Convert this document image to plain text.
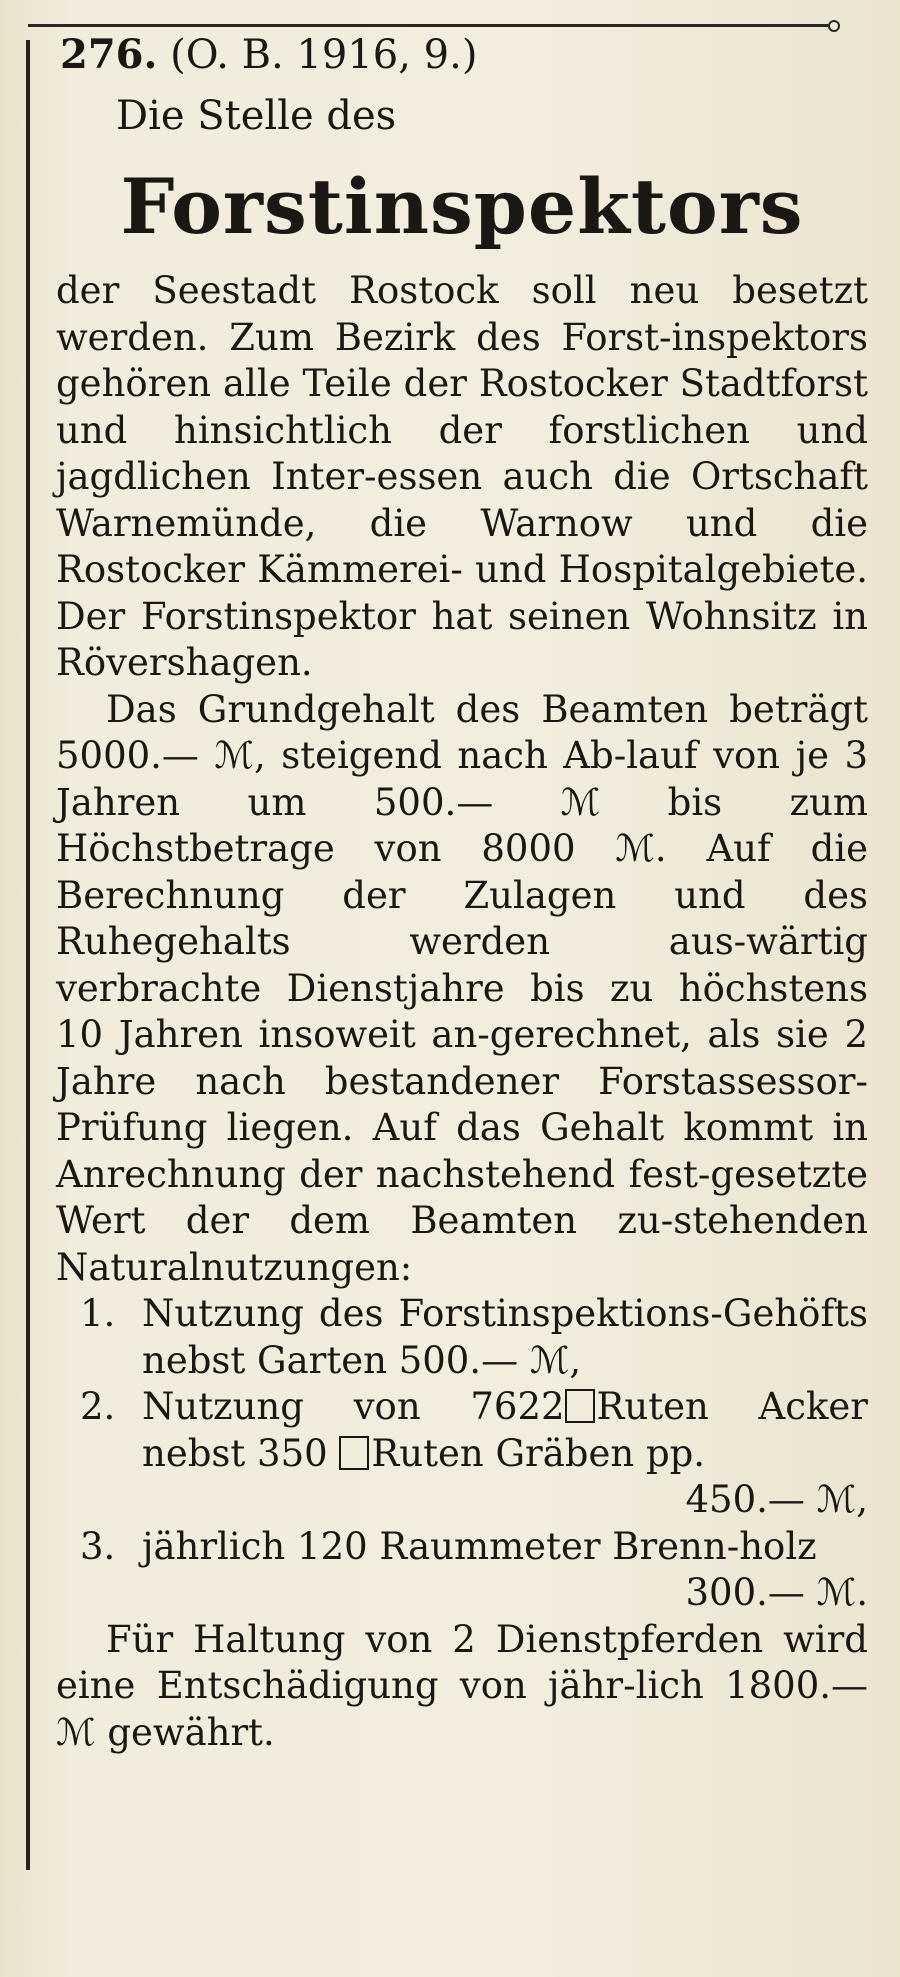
276. (O. B. 1916, 9.)
Die Stelle des
Forstinspektors

der Seestadt Rostock soll neu besetzt werden. Zum Bezirk des Forst-inspektors gehören alle Teile der Rostocker Stadtforst und hinsichtlich der forstlichen und jagdlichen Inter-essen auch die Ortschaft Warnemünde, die Warnow und die Rostocker Kämmerei- und Hospitalgebiete. Der Forstinspektor hat seinen Wohnsitz in Rövershagen.

Das Grundgehalt des Beamten beträgt 5000.— ℳ, steigend nach Ab-lauf von je 3 Jahren um 500.— ℳ bis zum Höchstbetrage von 8000 ℳ. Auf die Berechnung der Zulagen und des Ruhegehalts werden aus-wärtig verbrachte Dienstjahre bis zu höchstens 10 Jahren insoweit an-gerechnet, als sie 2 Jahre nach bestandener Forstassessor-Prüfung liegen. Auf das Gehalt kommt in Anrechnung der nachstehend fest-gesetzte Wert der dem Beamten zu-stehenden Naturalnutzungen:

1. Nutzung des Forstinspektions-Gehöfts nebst Garten 500.— ℳ,
2. Nutzung von 7622 Ruten Acker nebst 350 Ruten Gräben pp.
450.— ℳ,
3. jährlich 120 Raummeter Brenn-holz
300.— ℳ.

Für Haltung von 2 Dienstpferden wird eine Entschädigung von jähr-lich 1800.— ℳ gewährt.
